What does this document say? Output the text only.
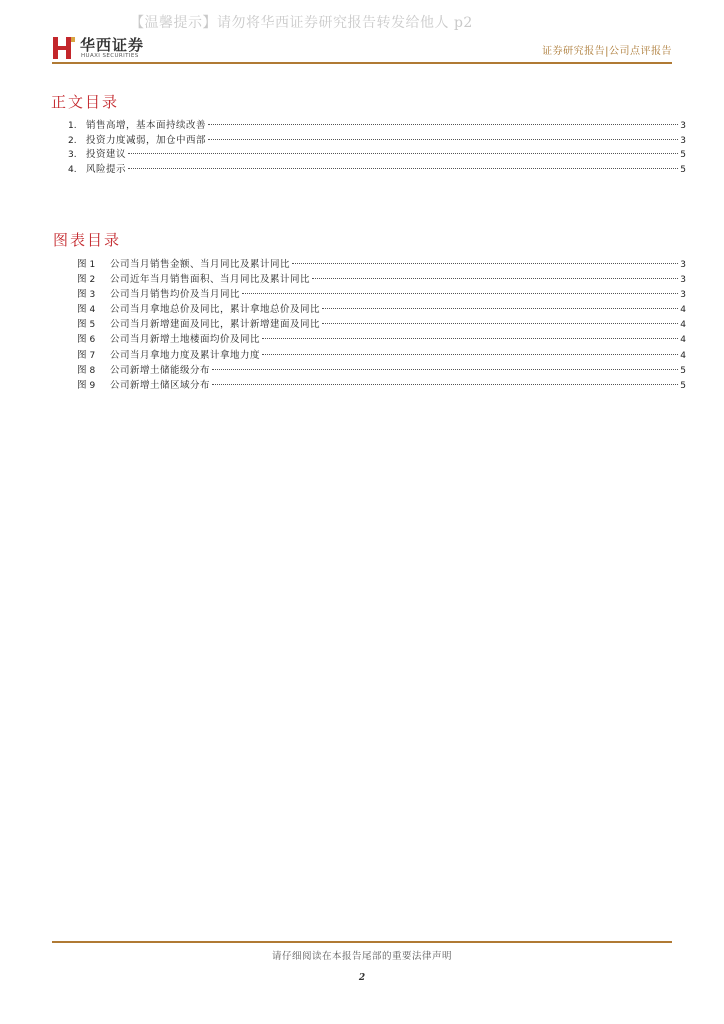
【温馨提示】请勿将华西证券研究报告转发给他人 p2
华西证券
HUAXI SECURITIES	证券研究报告|公司点评报告
正文目录
1. 销售高增，基本面持续改善	3
2. 投资力度减弱，加仓中西部	3
3. 投资建议	5
4. 风险提示	5
图表目录
图 1	公司当月销售金额、当月同比及累计同比	3
图 2	公司近年当月销售面积、当月同比及累计同比	3
图 3	公司当月销售均价及当月同比	3
图 4	公司当月拿地总价及同比，累计拿地总价及同比	4
图 5	公司当月新增建面及同比，累计新增建面及同比	4
图 6	公司当月新增土地楼面均价及同比	4
图 7	公司当月拿地力度及累计拿地力度	4
图 8	公司新增土储能级分布	5
图 9	公司新增土储区域分布	5
请仔细阅读在本报告尾部的重要法律声明
2
